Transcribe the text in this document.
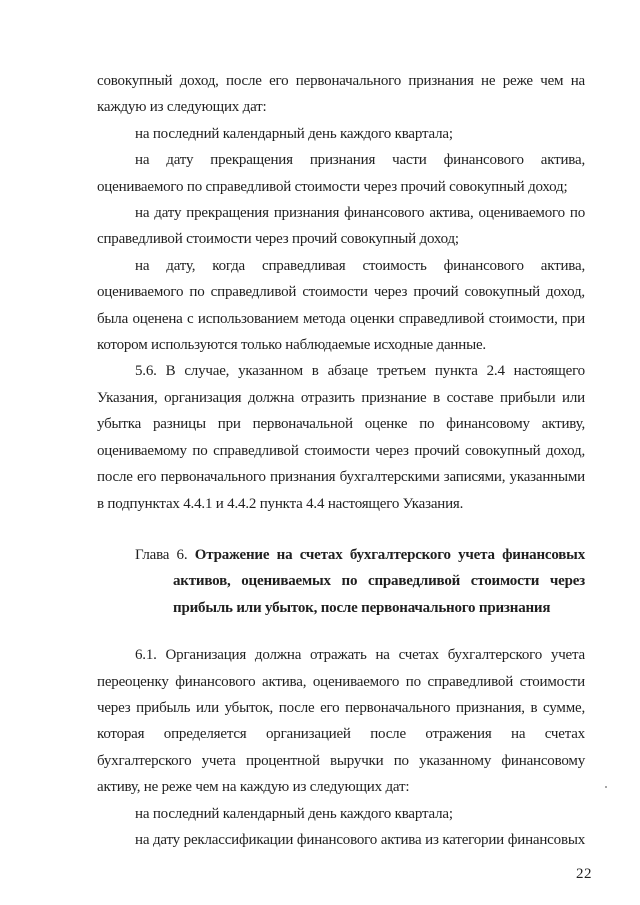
совокупный доход, после его первоначального признания не реже чем на
каждую из следующих дат:
на последний календарный день каждого квартала;
на дату прекращения признания части финансового актива,
оцениваемого по справедливой стоимости через прочий совокупный доход;
на дату прекращения признания финансового актива, оцениваемого по
справедливой стоимости через прочий совокупный доход;
на дату, когда справедливая стоимость финансового актива,
оцениваемого по справедливой стоимости через прочий совокупный доход,
была оценена с использованием метода оценки справедливой стоимости, при
котором используются только наблюдаемые исходные данные.
5.6. В случае, указанном в абзаце третьем пункта 2.4 настоящего
Указания, организация должна отразить признание в составе прибыли или
убытка разницы при первоначальной оценке по финансовому активу,
оцениваемому по справедливой стоимости через прочий совокупный доход,
после его первоначального признания бухгалтерскими записями, указанными
в подпунктах 4.4.1 и 4.4.2 пункта 4.4 настоящего Указания.
Глава 6. Отражение на счетах бухгалтерского учета финансовых
активов, оцениваемых по справедливой стоимости через
прибыль или убыток, после первоначального признания
6.1. Организация должна отражать на счетах бухгалтерского учета
переоценку финансового актива, оцениваемого по справедливой стоимости
через прибыль или убыток, после его первоначального признания, в сумме,
которая определяется организацией после отражения на счетах
бухгалтерского учета процентной выручки по указанному финансовому
активу, не реже чем на каждую из следующих дат:
на последний календарный день каждого квартала;
на дату реклассификации финансового актива из категории финансовых
22
